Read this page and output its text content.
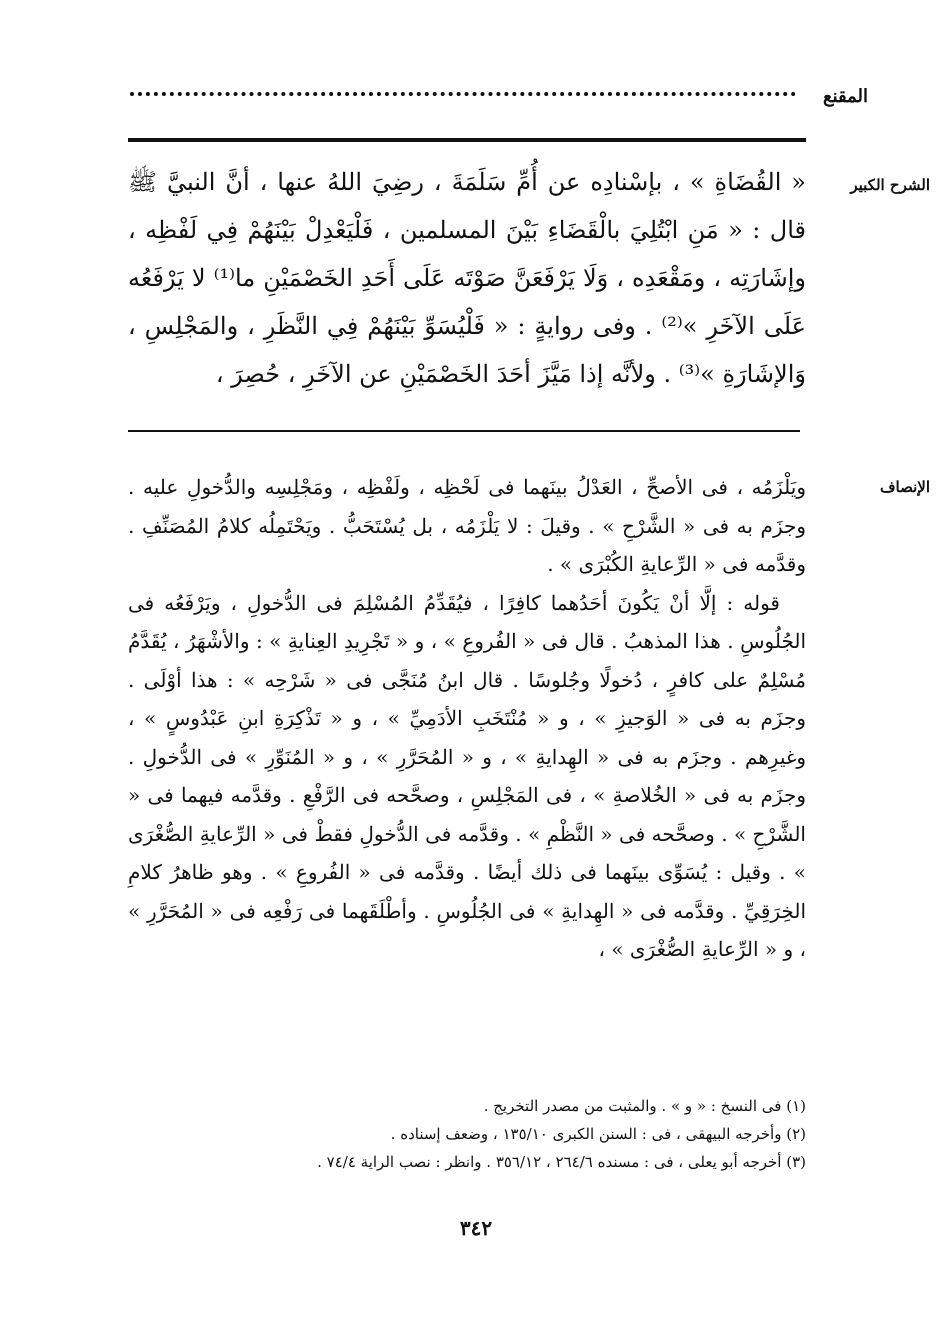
المقنع
الشرح الكبير

« القُضَاةِ » ، بإسْنادِه عن أُمِّ سَلَمَةَ ، رضِيَ اللهُ عنها ، أنَّ النبيَّ ﷺ قال : « مَنِ ابْتُلِيَ بالْقَضَاءِ بَيْنَ المسلمين ، فَلْيَعْدِلْ بَيْنَهُمْ فِي لَفْظِه ، وإشَارَتِه ، ومَقْعَدِه ، وَلَا يَرْفَعَنَّ صَوْتَه عَلَى أَحَدِ الخَصْمَيْنِ ما⁽¹⁾ لا يَرْفَعُه عَلَى الآخَرِ »⁽²⁾ . وفى روايةٍ : « فَلْيُسَوِّ بَيْنَهُمْ فِي النَّظَرِ ، والمَجْلِسِ ، وَالإشَارَةِ »⁽³⁾ . ولأنَّه إذا مَيَّزَ أحَدَ الخَصْمَيْنِ عن الآخَرِ ، حُصِرَ ،

الإنصاف

ويَلْزَمُه ، فى الأصحِّ ، العَدْلُ بينَهما فى لَحْظِه ، ولَفْظِه ، ومَجْلِسِه والدُّخولِ عليه . وجزَم به فى « الشَّرْحِ » . وقيلَ : لا يَلْزَمُه ، بل يُسْتَحَبُّ . ويَحْتَمِلُه كلامُ المُصَنِّفِ . وقدَّمه فى « الرِّعايةِ الكُبْرَى » .

قوله : إلَّا أنْ يَكُونَ أحَدُهما كافِرًا ، فيُقَدِّمُ المُسْلِمَ فى الدُّخولِ ، ويَرْفَعُه فى الجُلُوسِ . هذا المذهبُ . قال فى « الفُروعِ » ، و « تَجْرِيدِ العِنايةِ » : والأشْهَرُ ، يُقَدَّمُ مُسْلِمٌ على كافرٍ ، دُخولًا وجُلوسًا . قال ابنُ مُنَجَّى فى « شَرْحِه » : هذا أوْلَى . وجزَم به فى « الوَجيزِ » ، و « مُنْتَخَبِ الأدَمِيِّ » ، و « تَذْكِرَةِ ابنِ عَبْدُوسٍ » ، وغيرِهم . وجزَم به فى « الهِدايةِ » ، و « المُحَرَّرِ » ، و « المُنَوِّرِ » فى الدُّخولِ . وجزَم به فى « الخُلاصةِ » ، فى المَجْلِسِ ، وصحَّحه فى الرَّفْعِ . وقدَّمه فيهما فى « الشَّرْحِ » . وصحَّحه فى « النَّظْمِ » . وقدَّمه فى الدُّخولِ فقطْ فى « الرِّعايةِ الصُّغْرَى » . وقيل : يُسَوِّى بينَهما فى ذلك أيضًا . وقدَّمه فى « الفُروعِ » . وهو ظاهرُ كلامِ الخِرَقِيِّ . وقدَّمه فى « الهِدايةِ » فى الجُلُوسِ . وأطْلَقَهما فى رَفْعِه فى « المُحَرَّرِ » ، و « الرِّعايةِ الصُّغْرَى » ،

(١) فى النسخ : « و » . والمثبت من مصدر التخريج .
(٢) وأخرجه البيهقى ، فى : السنن الكبرى ١٣٥/١٠ ، وضعف إسناده .
(٣) أخرجه أبو يعلى ، فى : مسنده ٢٦٤/٦ ، ٣٥٦/١٢ . وانظر : نصب الراية ٧٤/٤ .
٣٤٢
